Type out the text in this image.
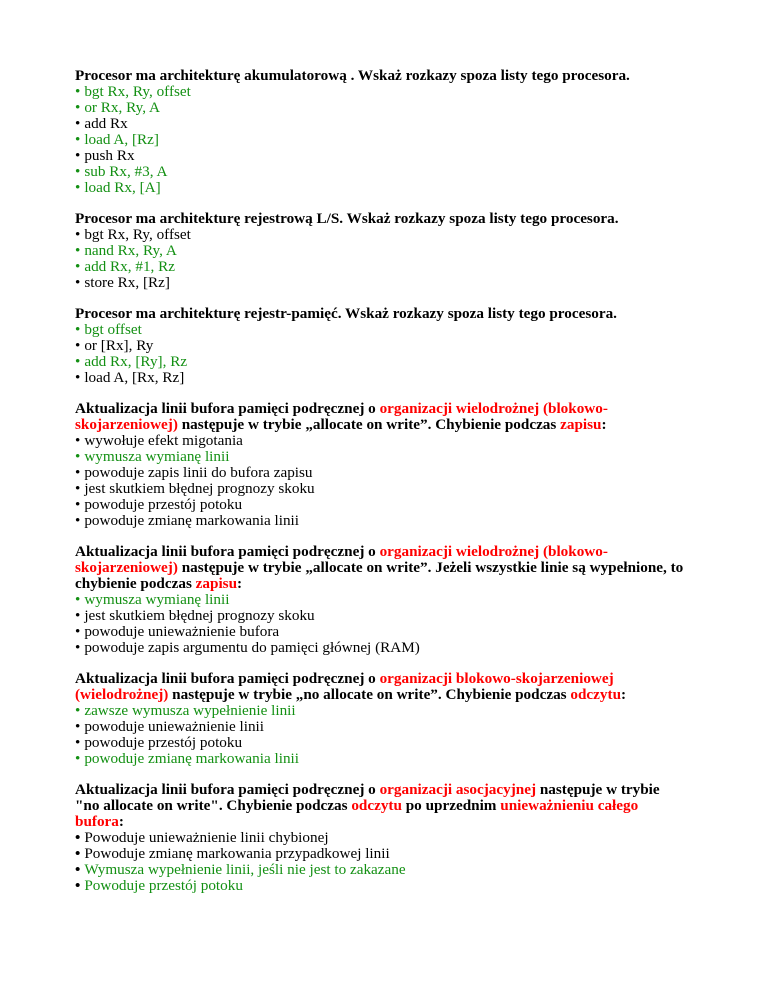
Procesor ma architekturę akumulatorową . Wskaż rozkazy spoza listy tego procesora.

• bgt Rx, Ry, offset
• or Rx, Ry, A
• add Rx
• load A, [Rz]
• push Rx
• sub Rx, #3, A
• load Rx, [A]

Procesor ma architekturę rejestrową L/S. Wskaż rozkazy spoza listy tego procesora.

• bgt Rx, Ry, offset
• nand Rx, Ry, A
• add Rx, #1, Rz
• store Rx, [Rz]

Procesor ma architekturę rejestr-pamięć. Wskaż rozkazy spoza listy tego procesora.

• bgt offset
• or [Rx], Ry
• add Rx, [Ry], Rz
• load A, [Rx, Rz]

Aktualizacja linii bufora pamięci podręcznej o organizacji wielodrożnej (blokowo-
skojarzeniowej) następuje w trybie „allocate on write”. Chybienie podczas zapisu:

• wywołuje efekt migotania
• wymusza wymianę linii
• powoduje zapis linii do bufora zapisu
• jest skutkiem błędnej prognozy skoku
• powoduje przestój potoku
• powoduje zmianę markowania linii

Aktualizacja linii bufora pamięci podręcznej o organizacji wielodrożnej (blokowo-
skojarzeniowej) następuje w trybie „allocate on write”. Jeżeli wszystkie linie są wypełnione, to
chybienie podczas zapisu:

• wymusza wymianę linii
• jest skutkiem błędnej prognozy skoku
• powoduje unieważnienie bufora
• powoduje zapis argumentu do pamięci głównej (RAM)

Aktualizacja linii bufora pamięci podręcznej o organizacji blokowo-skojarzeniowej
(wielodrożnej) następuje w trybie „no allocate on write”. Chybienie podczas odczytu:

• zawsze wymusza wypełnienie linii
• powoduje unieważnienie linii
• powoduje przestój potoku
• powoduje zmianę markowania linii

Aktualizacja linii bufora pamięci podręcznej o organizacji asocjacyjnej następuje w trybie
"no allocate on write". Chybienie podczas odczytu po uprzednim unieważnieniu całego
bufora:

• Powoduje unieważnienie linii chybionej
• Powoduje zmianę markowania przypadkowej linii
• Wymusza wypełnienie linii, jeśli nie jest to zakazane
• Powoduje przestój potoku
